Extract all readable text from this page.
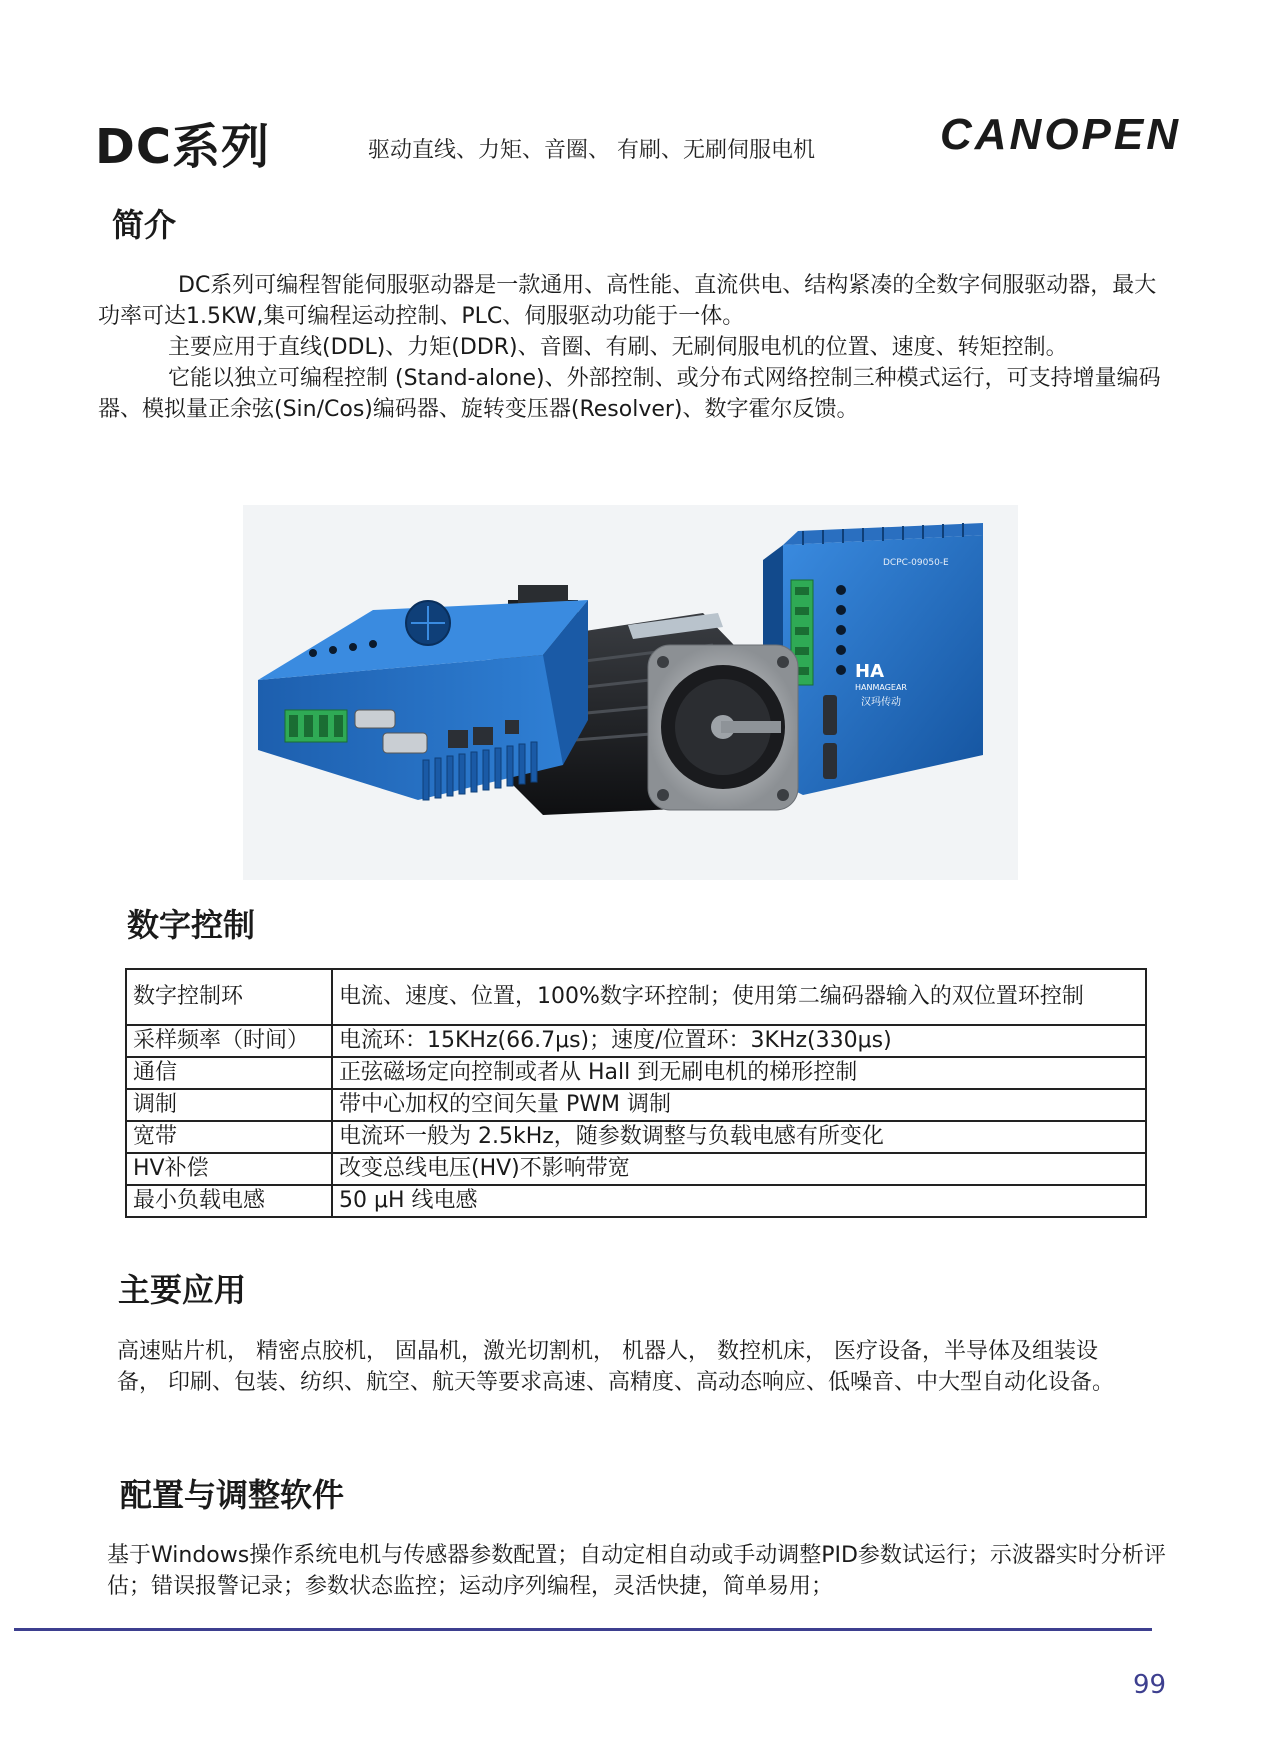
DC系列	驱动直线、力矩、音圈、 有刷、无刷伺服电机	CANOPEN
简介

DC系列可编程智能伺服驱动器是一款通用、高性能、直流供电、结构紧凑的全数字伺服驱动器，最大功率可达1.5KW,集可编程运动控制、PLC、伺服驱动功能于一体。

主要应用于直线(DDL)、力矩(DDR)、音圈、有刷、无刷伺服电机的位置、速度、转矩控制。

它能以独立可编程控制 (Stand-alone)、外部控制、或分布式网络控制三种模式运行，可支持增量编码器、模拟量正余弦(Sin/Cos)编码器、旋转变压器(Resolver)、数字霍尔反馈。

DCPC-09050-E
HA
HANMAGEAR
汉玛传动
数字控制
数字控制环	电流、速度、位置，100%数字环控制；使用第二编码器输入的双位置环控制
采样频率（时间）	电流环：15KHz(66.7μs)；速度/位置环：3KHz(330μs)
通信	正弦磁场定向控制或者从 Hall 到无刷电机的梯形控制
调制	带中心加权的空间矢量 PWM 调制
宽带	电流环一般为 2.5kHz，随参数调整与负载电感有所变化
HV补偿	改变总线电压(HV)不影响带宽
最小负载电感	50 μH 线电感
主要应用
高速贴片机， 精密点胶机， 固晶机，激光切割机， 机器人， 数控机床， 医疗设备，半导体及组装设备， 印刷、包装、纺织、航空、航天等要求高速、高精度、高动态响应、低噪音、中大型自动化设备。
配置与调整软件
基于Windows操作系统电机与传感器参数配置；自动定相自动或手动调整PID参数试运行；示波器实时分析评估；错误报警记录；参数状态监控；运动序列编程，灵活快捷，简单易用；
99
